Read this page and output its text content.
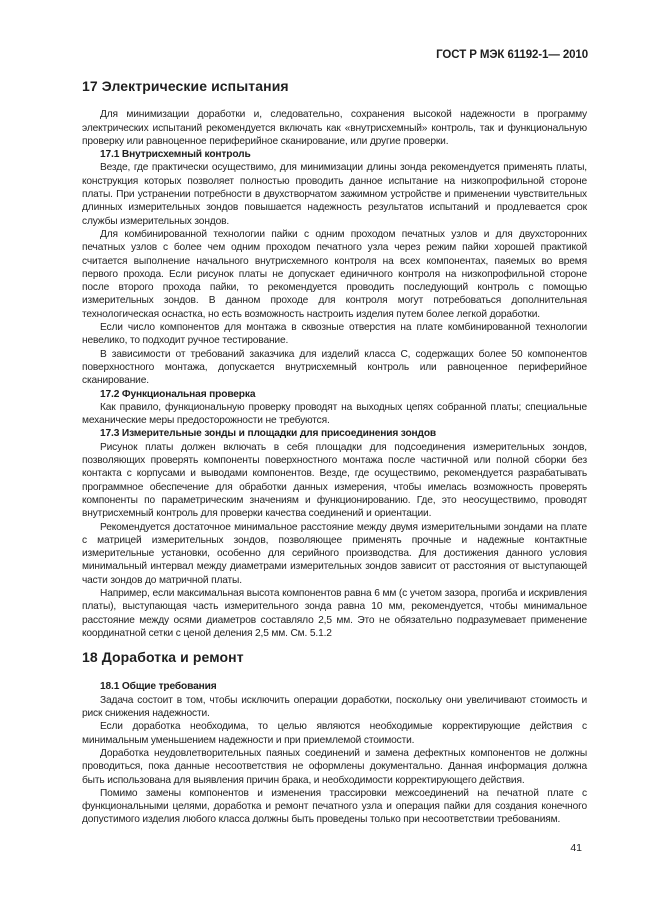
ГОСТ Р МЭК 61192-1— 2010
17 Электрические испытания

Для минимизации доработки и, следовательно, сохранения высокой надежности в программу электрических испытаний рекомендуется включать как «внутрисхемный» контроль, так и функциональную проверку или равноценное периферийное сканирование, или другие проверки.

17.1 Внутрисхемный контроль

Везде, где практически осуществимо, для минимизации длины зонда рекомендуется применять платы, конструкция которых позволяет полностью проводить данное испытание на низкопрофильной стороне платы. При устранении потребности в двухстворчатом зажимном устройстве и применении чувствительных длинных измерительных зондов повышается надежность результатов испытаний и продлевается срок службы измерительных зондов.

Для комбинированной технологии пайки с одним проходом печатных узлов и для двухсторонних печатных узлов с более чем одним проходом печатного узла через режим пайки хорошей практикой считается выполнение начального внутрисхемного контроля на всех компонентах, паяемых во время первого прохода. Если рисунок платы не допускает единичного контроля на низкопрофильной стороне после второго прохода пайки, то рекомендуется проводить последующий контроль с помощью измерительных зондов. В данном проходе для контроля могут потребоваться дополнительная технологическая оснастка, но есть возможность настроить изделия путем более легкой доработки.

Если число компонентов для монтажа в сквозные отверстия на плате комбинированной технологии невелико, то подходит ручное тестирование.

В зависимости от требований заказчика для изделий класса С, содержащих более 50 компонентов поверхностного монтажа, допускается внутрисхемный контроль или равноценное периферийное сканирование.

17.2 Функциональная проверка

Как правило, функциональную проверку проводят на выходных цепях собранной платы; специальные механические меры предосторожности не требуются.

17.3 Измерительные зонды и площадки для присоединения зондов

Рисунок платы должен включать в себя площадки для подсоединения измерительных зондов, позволяющих проверять компоненты поверхностного монтажа после частичной или полной сборки без контакта с корпусами и выводами компонентов. Везде, где осуществимо, рекомендуется разрабатывать программное обеспечение для обработки данных измерения, чтобы имелась возможность проверять компоненты по параметрическим значениям и функционированию. Где, это неосуществимо, проводят внутрисхемный контроль для проверки качества соединений и ориентации.

Рекомендуется достаточное минимальное расстояние между двумя измерительными зондами на плате с матрицей измерительных зондов, позволяющее применять прочные и надежные контактные измерительные установки, особенно для серийного производства. Для достижения данного условия минимальный интервал между диаметрами измерительных зондов зависит от расстояния от выступающей части зондов до матричной платы.

Например, если максимальная высота компонентов равна 6 мм (с учетом зазора, прогиба и искривления платы), выступающая часть измерительного зонда равна 10 мм, рекомендуется, чтобы минимальное расстояние между осями диаметров составляло 2,5 мм. Это не обязательно подразумевает применение координатной сетки с ценой деления 2,5 мм. См. 5.1.2

18 Доработка и ремонт
18.1 Общие требования

Задача состоит в том, чтобы исключить операции доработки, поскольку они увеличивают стоимость и риск снижения надежности.

Если доработка необходима, то целью являются необходимые корректирующие действия с минимальным уменьшением надежности и при приемлемой стоимости.

Доработка неудовлетворительных паяных соединений и замена дефектных компонентов не должны проводиться, пока данные несоответствия не оформлены документально. Данная информация должна быть использована для выявления причин брака, и необходимости корректирующего действия.

Помимо замены компонентов и изменения трассировки межсоединений на печатной плате с функциональными целями, доработка и ремонт печатного узла и операция пайки для создания конечного допустимого изделия любого класса должны быть проведены только при несоответствии требованиям.

41
